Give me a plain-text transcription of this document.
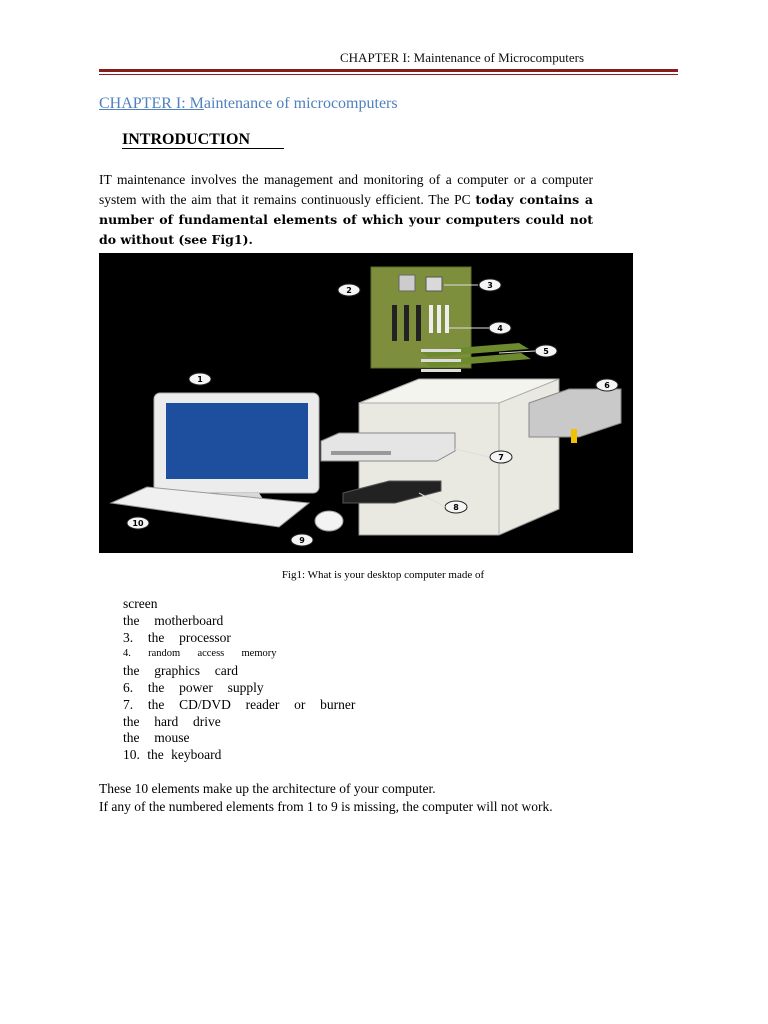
CHAPTER I: Maintenance of Microcomputers
CHAPTER I: Maintenance of microcomputers
INTRODUCTION
IT maintenance involves the management and monitoring of a computer or a computer system with the aim that it remains continuously efficient. The PC today contains a number of fundamental elements of which your computers could not do without (see Fig1).
1
2
3
4
5
6
7
8
9
10
Fig1: What is your desktop computer made of
screen
the  motherboard
3.  the  processor
4.  random  access  memory
the  graphics  card
6.  the  power  supply
7.  the  CD/DVD  reader  or  burner
the  hard  drive
the  mouse
10. the keyboard
These 10 elements make up the architecture of your computer.
If any of the numbered elements from 1 to 9 is missing, the computer will not work.
